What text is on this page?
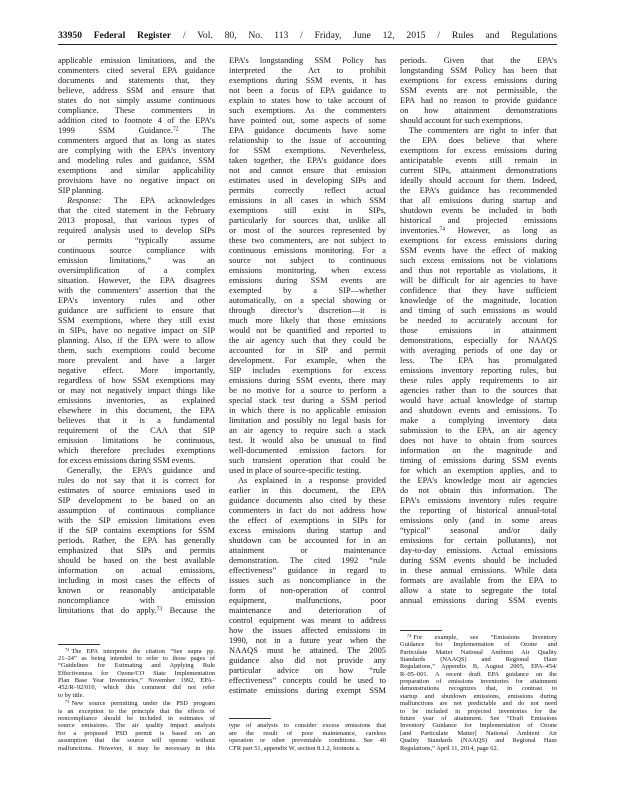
33950 Federal Register / Vol. 80, No. 113 / Friday, June 12, 2015 / Rules and Regulations
applicable emission limitations, and the
commenters cited several EPA guidance
documents and statements that, they
believe, address SSM and ensure that
states do not simply assume continuous
compliance. These commenters in
addition cited to footnote 4 of the EPA’s
1999 SSM Guidance.$^{72}$ The
commenters argued that as long as states
are complying with the EPA’s inventory
and modeling rules and guidance, SSM
exemptions and similar applicability
provisions have no negative impact on
SIP planning.
Response: The EPA acknowledges
that the cited statement in the February
2013 proposal, that various types of
required analysis used to develop SIPs
or permits “typically assume
continuous source compliance with
emission limitations,” was an
oversimplification of a complex
situation. However, the EPA disagrees
with the commenters’ assertion that the
EPA’s inventory rules and other
guidance are sufficient to ensure that
SSM exemptions, where they still exist
in SIPs, have no negative impact on SIP
planning. Also, if the EPA were to allow
them, such exemptions could become
more prevalent and have a larger
negative effect. More importantly,
regardless of how SSM exemptions may
or may not negatively impact things like
emissions inventories, as explained
elsewhere in this document, the EPA
believes that it is a fundamental
requirement of the CAA that SIP
emission limitations be continuous,
which therefore precludes exemptions
for excess emissions during SSM events.
Generally, the EPA’s guidance and
rules do not say that it is correct for
estimates of source emissions used in
SIP development to be based on an
assumption of continuous compliance
with the SIP emission limitations even
if the SIP contains exemptions for SSM
periods. Rather, the EPA has generally
emphasized that SIPs and permits
should be based on the best available
information on actual emissions,
including in most cases the effects of
known or reasonably anticipatable
noncompliance with emission
limitations that do apply.$^{73}$ Because the
$^{72}$ The EPA interprets the citation “See supra pp.
21–24” as being intended to refer to those pages of
“Guidelines for Estimating and Applying Rule
Effectiveness for Ozone/CO State Implementation
Plan Base Year Inventories,” November 1992, EPA–
452/R–92/010, which this comment did not refer
to by title.
$^{73}$ New source permitting under the PSD program
is an exception to the principle that the effects of
noncompliance should be included in estimates of
source emissions. The air quality impact analysis
for a proposed PSD permit is based on an
assumption that the source will operate without
malfunctions. However, it may be necessary in this
EPA’s longstanding SSM Policy has
interpreted the Act to prohibit
exemptions during SSM events, it has
not been a focus of EPA guidance to
explain to states how to take account of
such exemptions. As the commenters
have pointed out, some aspects of some
EPA guidance documents have some
relationship to the issue of accounting
for SSM exemptions. Nevertheless,
taken together, the EPA’s guidance does
not and cannot ensure that emission
estimates used in developing SIPs and
permits correctly reflect actual
emissions in all cases in which SSM
exemptions still exist in SIPs,
particularly for sources that, unlike all
or most of the sources represented by
these two commenters, are not subject to
continuous emissions monitoring. For a
source not subject to continuous
emissions monitoring, when excess
emissions during SSM events are
exempted by a SIP—whether
automatically, on a special showing or
through director’s discretion—it is
much more likely that those emissions
would not be quantified and reported to
the air agency such that they could be
accounted for in SIP and permit
development. For example, when the
SIP includes exemptions for excess
emissions during SSM events, there may
be no motive for a source to perform a
special stack test during a SSM period
in which there is no applicable emission
limitation and possibly no legal basis for
an air agency to require such a stack
test. It would also be unusual to find
well-documented emission factors for
such transient operation that could be
used in place of source-specific testing.
As explained in a response provided
earlier in this document, the EPA
guidance documents also cited by these
commenters in fact do not address how
the effect of exemptions in SIPs for
excess emissions during startup and
shutdown can be accounted for in an
attainment or maintenance
demonstration. The cited 1992 “rule
effectiveness” guidance in regard to
issues such as noncompliance in the
form of non-operation of control
equipment, malfunctions, poor
maintenance and deterioration of
control equipment was meant to address
how the issues affected emissions in
1990, not in a future year when the
NAAQS must be attained. The 2005
guidance also did not provide any
particular advice on how “rule
effectiveness” concepts could be used to
estimate emissions during exempt SSM
type of analysis to consider excess emissions that
are the result of poor maintenance, careless
operation or other preventable conditions. See 40
CFR part 51, appendix W, section 8.1.2, footnote a.
periods. Given that the EPA’s
longstanding SSM Policy has been that
exemptions for excess emissions during
SSM events are not permissible, the
EPA had no reason to provide guidance
on how attainment demonstrations
should account for such exemptions.
The commenters are right to infer that
the EPA does believe that where
exemptions for excess emissions during
anticipatable events still remain in
current SIPs, attainment demonstrations
ideally should account for them. Indeed,
the EPA’s guidance has recommended
that all emissions during startup and
shutdown events be included in both
historical and projected emissions
inventories.$^{74}$ However, as long as
exemptions for excess emissions during
SSM events have the effect of making
such excess emissions not be violations
and thus not reportable as violations, it
will be difficult for air agencies to have
confidence that they have sufficient
knowledge of the magnitude, location
and timing of such emissions as would
be needed to accurately account for
those emissions in attainment
demonstrations, especially for NAAQS
with averaging periods of one day or
less. The EPA has promulgated
emissions inventory reporting rules, but
these rules apply requirements to air
agencies rather than to the sources that
would have actual knowledge of startup
and shutdown events and emissions. To
make a complying inventory data
submission to the EPA, an air agency
does not have to obtain from sources
information on the magnitude and
timing of emissions during SSM events
for which an exemption applies, and to
the EPA’s knowledge most air agencies
do not obtain this information. The
EPA’s emissions inventory rules require
the reporting of historical annual-total
emissions only (and in some areas
“typical” seasonal and/or daily
emissions for certain pollutants), not
day-to-day emissions. Actual emissions
during SSM events should be included
in these annual emissions. While data
formats are available from the EPA to
allow a state to segregate the total
annual emissions during SSM events
$^{74}$ For example, see “Emissions Inventory
Guidance for Implementation of Ozone and
Particulate Matter National Ambient Air Quality
Standards (NAAQS) and Regional Haze
Regulations,” Appendix B, August 2005, EPA–454/
R–05–001. A recent draft EPA guidance on the
preparation of emissions inventories for attainment
demonstrations recognizes that, in contrast to
startup and shutdown emissions, emissions during
malfunctions are not predictable and do not need
to be included in projected inventories for the
future year of attainment. See “Draft Emissions
Inventory Guidance for Implementation of Ozone
[and Particulate Matter] National Ambient Air
Quality Standards (NAAQS) and Regional Haze
Regulations,” April 11, 2014, page 62.
